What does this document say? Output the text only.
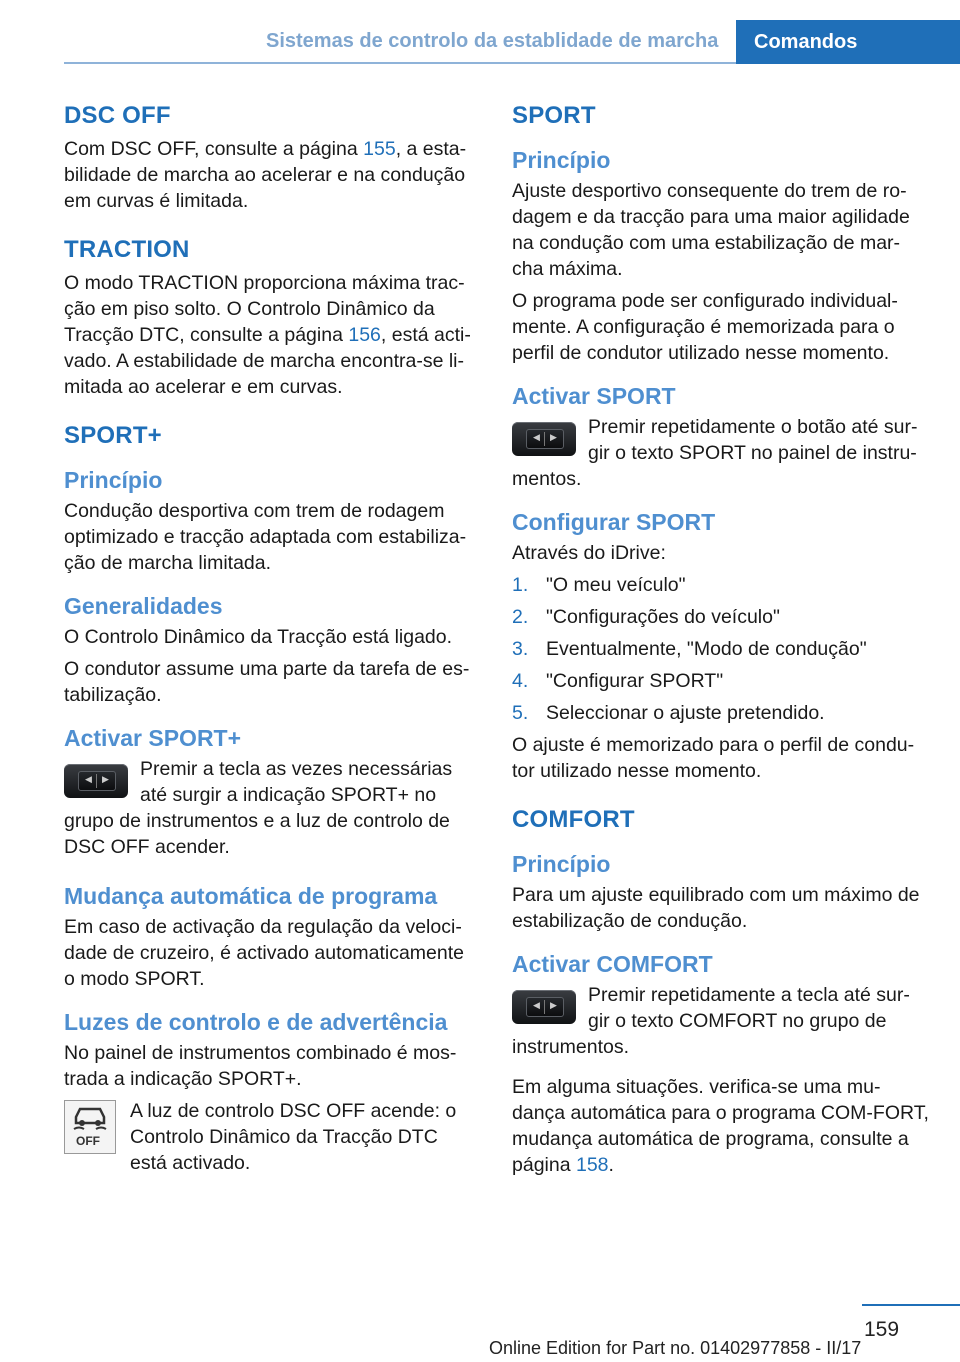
Sistemas de controlo da establidade de marcha	Comandos
DSC OFF

Com DSC OFF, consulte a página 155, a esta-bilidade de marcha ao acelerar e na condução em curvas é limitada.

TRACTION

O modo TRACTION proporciona máxima trac-ção em piso solto. O Controlo Dinâmico da Tracção DTC, consulte a página 156, está acti-vado. A estabilidade de marcha encontra-se li-mitada ao acelerar e em curvas.

SPORT+
Princípio

Condução desportiva com trem de rodagem optimizado e tracção adaptada com estabiliza-ção de marcha limitada.

Generalidades

O Controlo Dinâmico da Tracção está ligado.

O condutor assume uma parte da tarefa de es-tabilização.

Activar SPORT+
◀ ▶	Premir a tecla as vezes necessárias até surgir a indicação SPORT+ no grupo de instrumentos e a luz de controlo de DSC OFF acender.

Mudança automática de programa

Em caso de activação da regulação da veloci-dade de cruzeiro, é activado automaticamente o modo SPORT.

Luzes de controlo e de advertência

No painel de instrumentos combinado é mos-trada a indicação SPORT+.

OFF

A luz de controlo DSC OFF acende: o Controlo Dinâmico da Tracção DTC está activado.

SPORT
Princípio

Ajuste desportivo consequente do trem de ro-dagem e da tracção para uma maior agilidade na condução com uma estabilização de mar-cha máxima.

O programa pode ser configurado individual-mente. A configuração é memorizada para o perfil de condutor utilizado nesse momento.

Activar SPORT
◀ ▶	Premir repetidamente o botão até sur-gir o texto SPORT no painel de instru-mentos.

Configurar SPORT

Através do iDrive:

1. "O meu veículo"
2. "Configurações do veículo"
3. Eventualmente, "Modo de condução"
4. "Configurar SPORT"
5. Seleccionar o ajuste pretendido.

O ajuste é memorizado para o perfil de condu-tor utilizado nesse momento.

COMFORT
Princípio

Para um ajuste equilibrado com um máximo de estabilização de condução.

Activar COMFORT
◀ ▶	Premir repetidamente a tecla até sur-gir o texto COMFORT no grupo de instrumentos.

Em alguma situações. verifica-se uma mu-dança automática para o programa COM-FORT, mudança automática de programa, consulte a página 158.

159
Online Edition for Part no. 01402977858 - II/17
